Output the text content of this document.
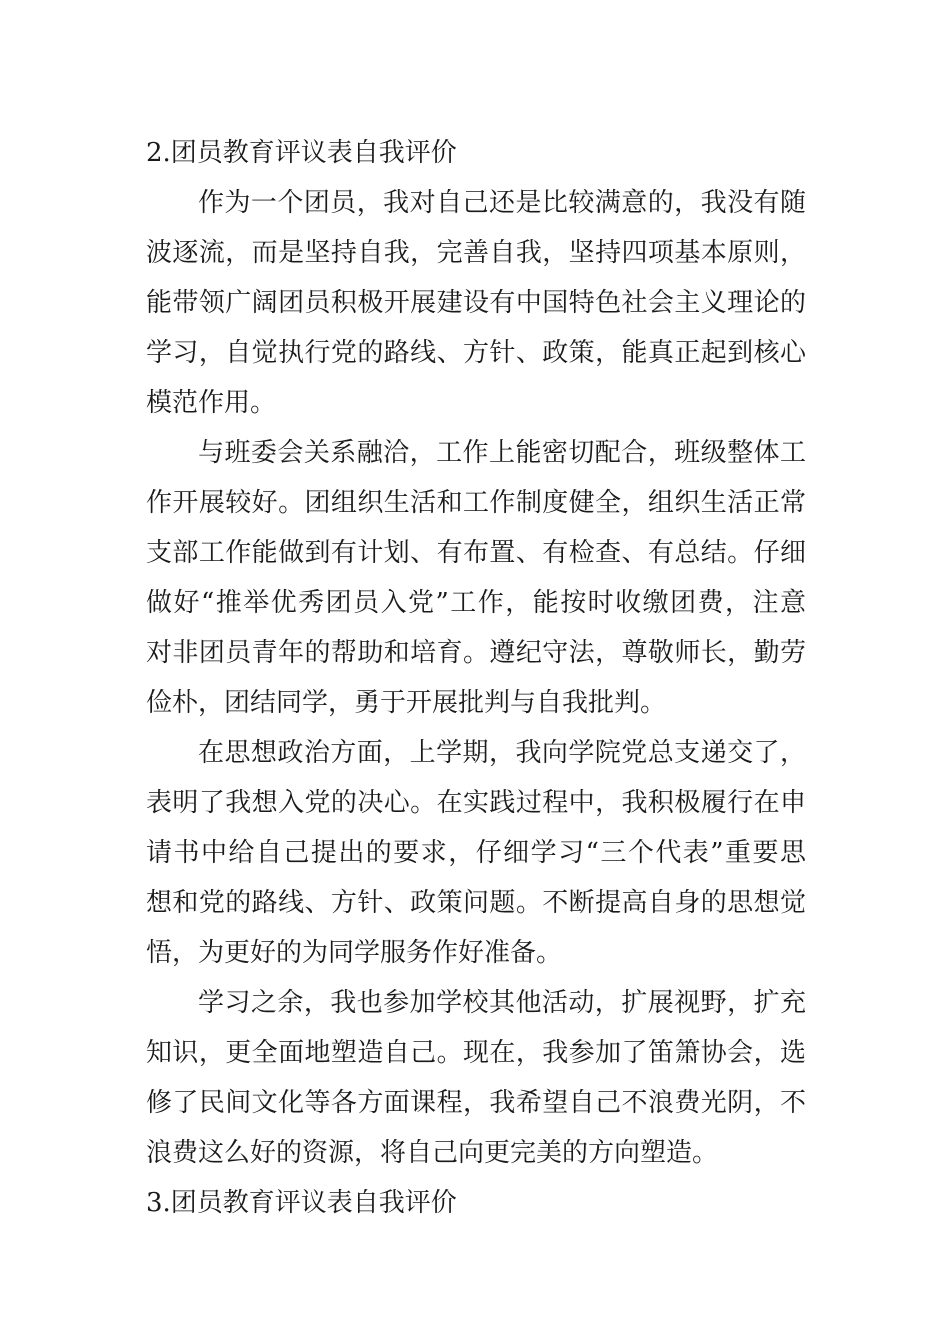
2.团员教育评议表自我评价
作为一个团员，我对自己还是比较满意的，我没有随
波逐流，而是坚持自我，完善自我，坚持四项基本原则，
能带领广阔团员积极开展建设有中国特色社会主义理论的
学习，自觉执行党的路线、方针、政策，能真正起到核心
模范作用。
与班委会关系融洽，工作上能密切配合，班级整体工
作开展较好。团组织生活和工作制度健全，组织生活正常
支部工作能做到有计划、有布置、有检查、有总结。仔细
做好“推举优秀团员入党”工作，能按时收缴团费，注意
对非团员青年的帮助和培育。遵纪守法，尊敬师长，勤劳
俭朴，团结同学，勇于开展批判与自我批判。
在思想政治方面，上学期，我向学院党总支递交了，
表明了我想入党的决心。在实践过程中，我积极履行在申
请书中给自己提出的要求，仔细学习“三个代表”重要思
想和党的路线、方针、政策问题。不断提高自身的思想觉
悟，为更好的为同学服务作好准备。
学习之余，我也参加学校其他活动，扩展视野，扩充
知识，更全面地塑造自己。现在，我参加了笛箫协会，选
修了民间文化等各方面课程，我希望自己不浪费光阴，不
浪费这么好的资源，将自己向更完美的方向塑造。
3.团员教育评议表自我评价
